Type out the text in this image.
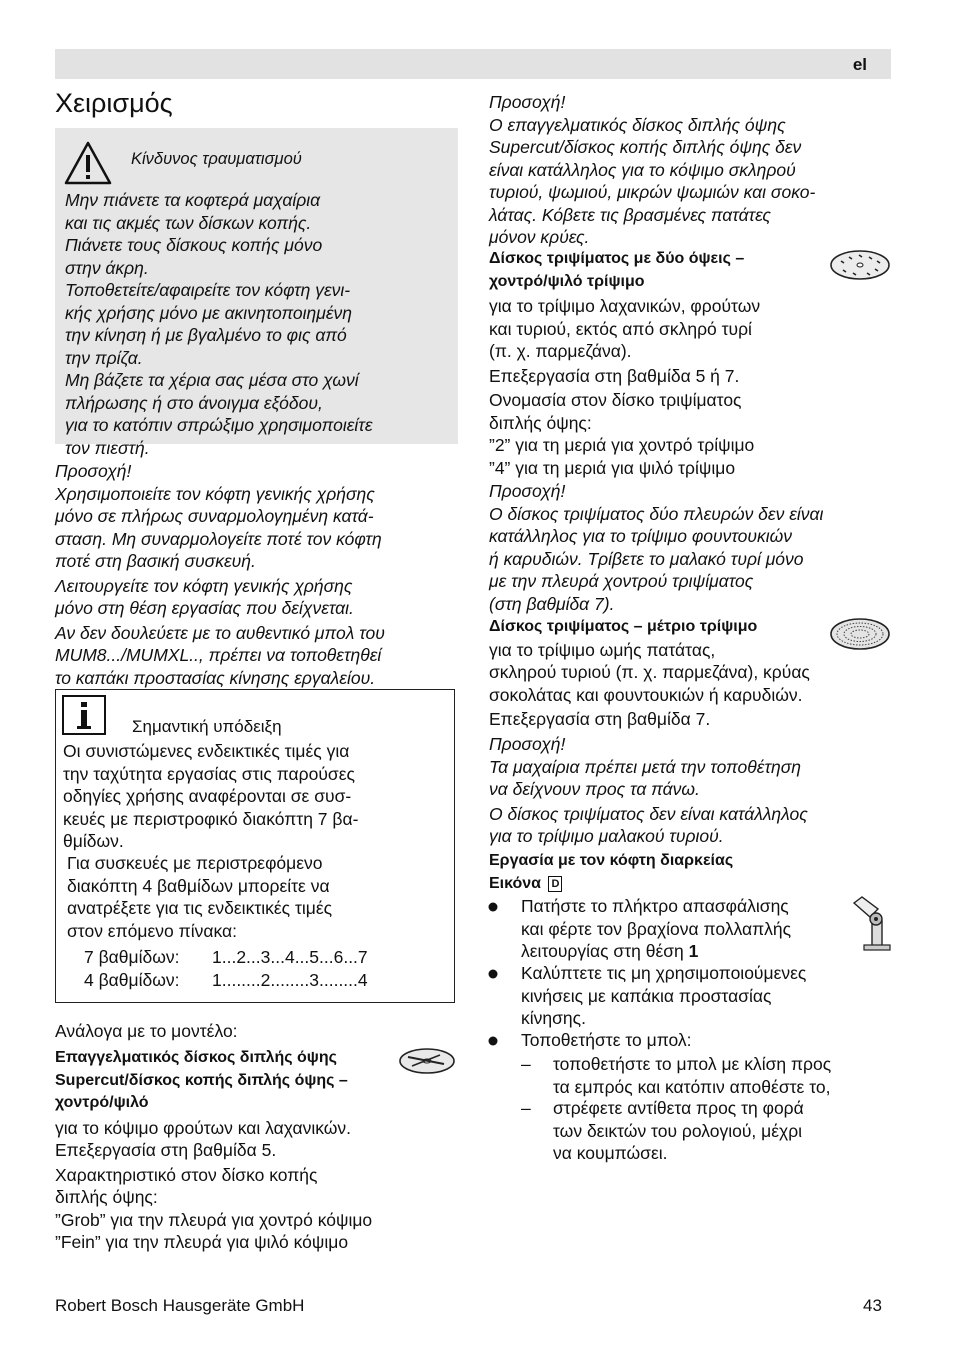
el
Χειρισμός
Κίνδυνος τραυματισμού
Μην πιάνετε τα κοφτερά μαχαίρια
και τις ακμές των δίσκων κοπής.
Πιάνετε τους δίσκους κοπής μόνο
στην άκρη.
Τοποθετείτε/αφαιρείτε τον κόφτη γενι-
κής χρήσης μόνο με ακινητοποιημένη
την κίνηση ή με βγαλμένο το φις από
την πρίζα.
Μη βάζετε τα χέρια σας μέσα στο χωνί
πλήρωσης ή στο άνοιγμα εξόδου,
για το κατόπιν σπρώξιμο χρησιμοποιείτε
τον πιεστή.
Προσοχή!
Χρησιμοποιείτε τον κόφτη γενικής χρήσης
μόνο σε πλήρως συναρμολογημένη κατά-
σταση. Μη συναρμολογείτε ποτέ τον κόφτη
ποτέ στη βασική συσκευή.
Λειτουργείτε τον κόφτη γενικής χρήσης
μόνο στη θέση εργασίας που δείχνεται.
Αν δεν δουλεύετε με το αυθεντικό μπολ του
MUM8.../MUMXL.., πρέπει να τοποθετηθεί
το καπάκι προστασίας κίνησης εργαλείου.
Σημαντική υπόδειξη
Οι συνιστώμενες ενδεικτικές τιμές για
την ταχύτητα εργασίας στις παρούσες
οδηγίες χρήσης αναφέρονται σε συσ-
κευές με περιστροφικό διακόπτη 7 βα-
θμίδων.
Για συσκευές με περιστρεφόμενο
διακόπτη 4 βαθμίδων μπορείτε να
ανατρέξετε για τις ενδεικτικές τιμές
στον επόμενο πίνακα:
7 βαθμίδων: 1...2...3...4...5...6...7
4 βαθμίδων: 1........2........3........4
Ανάλογα με το μοντέλο:
Επαγγελματικός δίσκος διπλής όψης
Supercut/δίσκος κοπής διπλής όψης –
χοντρό/ψιλό
για το κόψιμο φρούτων και λαχανικών.
Επεξεργασία στη βαθμίδα 5.
Χαρακτηριστικό στον δίσκο κοπής
διπλής όψης:
”Grob” για την πλευρά για χοντρό κόψιμο
”Fein” για την πλευρά για ψιλό κόψιμο
Προσοχή!
Ο επαγγελματικός δίσκος διπλής όψης
Supercut/δίσκος κοπής διπλής όψης δεν
είναι κατάλληλος για το κόψιμο σκληρού
τυριού, ψωμιού, μικρών ψωμιών και σοκο-
λάτας. Κόβετε τις βρασμένες πατάτες
μόνον κρύες.
Δίσκος τριψίματος με δύο όψεις –
χοντρό/ψιλό τρίψιμο
για το τρίψιμο λαχανικών, φρούτων
και τυριού, εκτός από σκληρό τυρί
(π. χ. παρμεζάνα).
Επεξεργασία στη βαθμίδα 5 ή 7.
Ονομασία στον δίσκο τριψίματος
διπλής όψης:
”2” για τη μεριά για χοντρό τρίψιμο
”4” για τη μεριά για ψιλό τρίψιμο
Προσοχή!
Ο δίσκος τριψίματος δύο πλευρών δεν είναι
κατάλληλος για το τρίψιμο φουντουκιών
ή καρυδιών. Τρίβετε το μαλακό τυρί μόνο
με την πλευρά χοντρού τριψίματος
(στη βαθμίδα 7).
Δίσκος τριψίματος – μέτριο τρίψιμο
για το τρίψιμο ωμής πατάτας,
σκληρού τυριού (π. χ. παρμεζάνα), κρύας
σοκολάτας και φουντουκιών ή καρυδιών.
Επεξεργασία στη βαθμίδα 7.
Προσοχή!
Τα μαχαίρια πρέπει μετά την τοποθέτηση
να δείχνουν προς τα πάνω.
Ο δίσκος τριψίματος δεν είναι κατάλληλος
για το τρίψιμο μαλακού τυριού.
Εργασία με τον κόφτη διαρκείας
Εικόνα D
Πατήστε το πλήκτρο απασφάλισης
και φέρτε τον βραχίονα πολλαπλής
λειτουργίας στη θέση 1
Καλύπτετε τις μη χρησιμοποιούμενες
κινήσεις με καπάκια προστασίας
κίνησης.
Τοποθετήστε το μπολ:
– τοποθετήστε το μπολ με κλίση προς
τα εμπρός και κατόπιν αποθέστε το,
– στρέφετε αντίθετα προς τη φορά
των δεικτών του ρολογιού, μέχρι
να κουμπώσει.
Robert Bosch Hausgeräte GmbH	43
